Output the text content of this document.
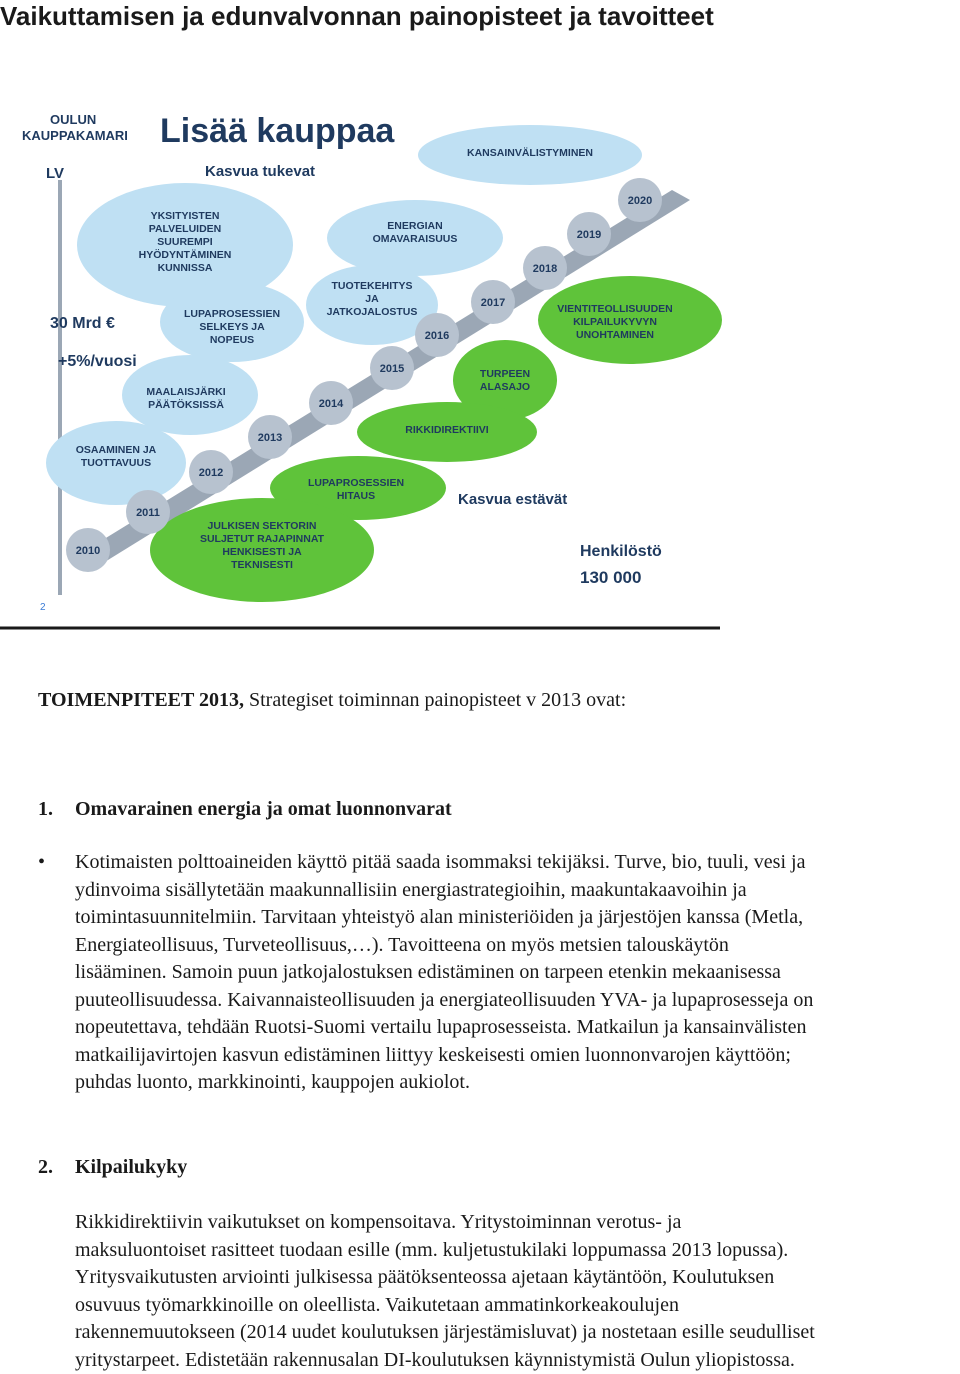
Vaikuttamisen ja edunvalvonnan painopisteet ja tavoitteet
2010
2011
2012
2013
2014
2015
2016
2017
2018
2019
2020
OULUN
KAUPPAKAMARI Lisää kauppaa
LV	Kasvua tukevat
Kasvua estävät
30 Mrd €
+5%/vuosi
Henkilöstö
130 000
2
KANSAINVÄLISTYMINEN
YKSITYISTEN
PALVELUIDEN
SUUREMPI
HYÖDYNTÄMINEN
KUNNISSA
ENERGIAN
OMAVARAISUUS
LUPAPROSESSIEN
SELKEYS JA
NOPEUS
TUOTEKEHITYS
JA
JATKOJALOSTUS
MAALAISJÄRKI
PÄÄTÖKSISSÄ
OSAAMINEN JA
TUOTTAVUUS
VIENTITEOLLISUUDEN
KILPAILUKYVYN
UNOHTAMINEN
TURPEEN
ALASAJO
RIKKIDIREKTIIVI
LUPAPROSESSIEN
HITAUS
JULKISEN SEKTORIN
SULJETUT RAJAPINNAT
HENKISESTI JA
TEKNISESTI
TOIMENPITEET 2013, Strategiset toiminnan painopisteet v 2013 ovat:
1. Omavarainen energia ja omat luonnonvarat
• Kotimaisten polttoaineiden käyttö pitää saada isommaksi tekijäksi. Turve, bio, tuuli, vesi ja
ydinvoima sisällytetään maakunnallisiin energiastrategioihin, maakuntakaavoihin ja
toimintasuunnitelmiin. Tarvitaan yhteistyö alan ministeriöiden ja järjestöjen kanssa (Metla,
Energiateollisuus, Turveteollisuus,…). Tavoitteena on myös metsien talouskäytön
lisääminen. Samoin puun jatkojalostuksen edistäminen on tarpeen etenkin mekaanisessa
puuteollisuudessa. Kaivannaisteollisuuden ja energiateollisuuden YVA- ja lupaprosesseja on
nopeutettava, tehdään Ruotsi-Suomi vertailu lupaprosesseista. Matkailun ja kansainvälisten
matkailijavirtojen kasvun edistäminen liittyy keskeisesti omien luonnonvarojen käyttöön;
puhdas luonto, markkinointi, kauppojen aukiolot.
2. Kilpailukyky
Rikkidirektiivin vaikutukset on kompensoitava. Yritystoiminnan verotus- ja
maksuluontoiset rasitteet tuodaan esille (mm. kuljetustukilaki loppumassa 2013 lopussa).
Yritysvaikutusten arviointi julkisessa päätöksenteossa ajetaan käytäntöön, Koulutuksen
osuvuus työmarkkinoille on oleellista. Vaikutetaan ammatinkorkeakoulujen
rakennemuutokseen (2014 uudet koulutuksen järjestämisluvat) ja nostetaan esille seudulliset
yritystarpeet. Edistetään rakennusalan DI-koulutuksen käynnistymistä Oulun yliopistossa.
